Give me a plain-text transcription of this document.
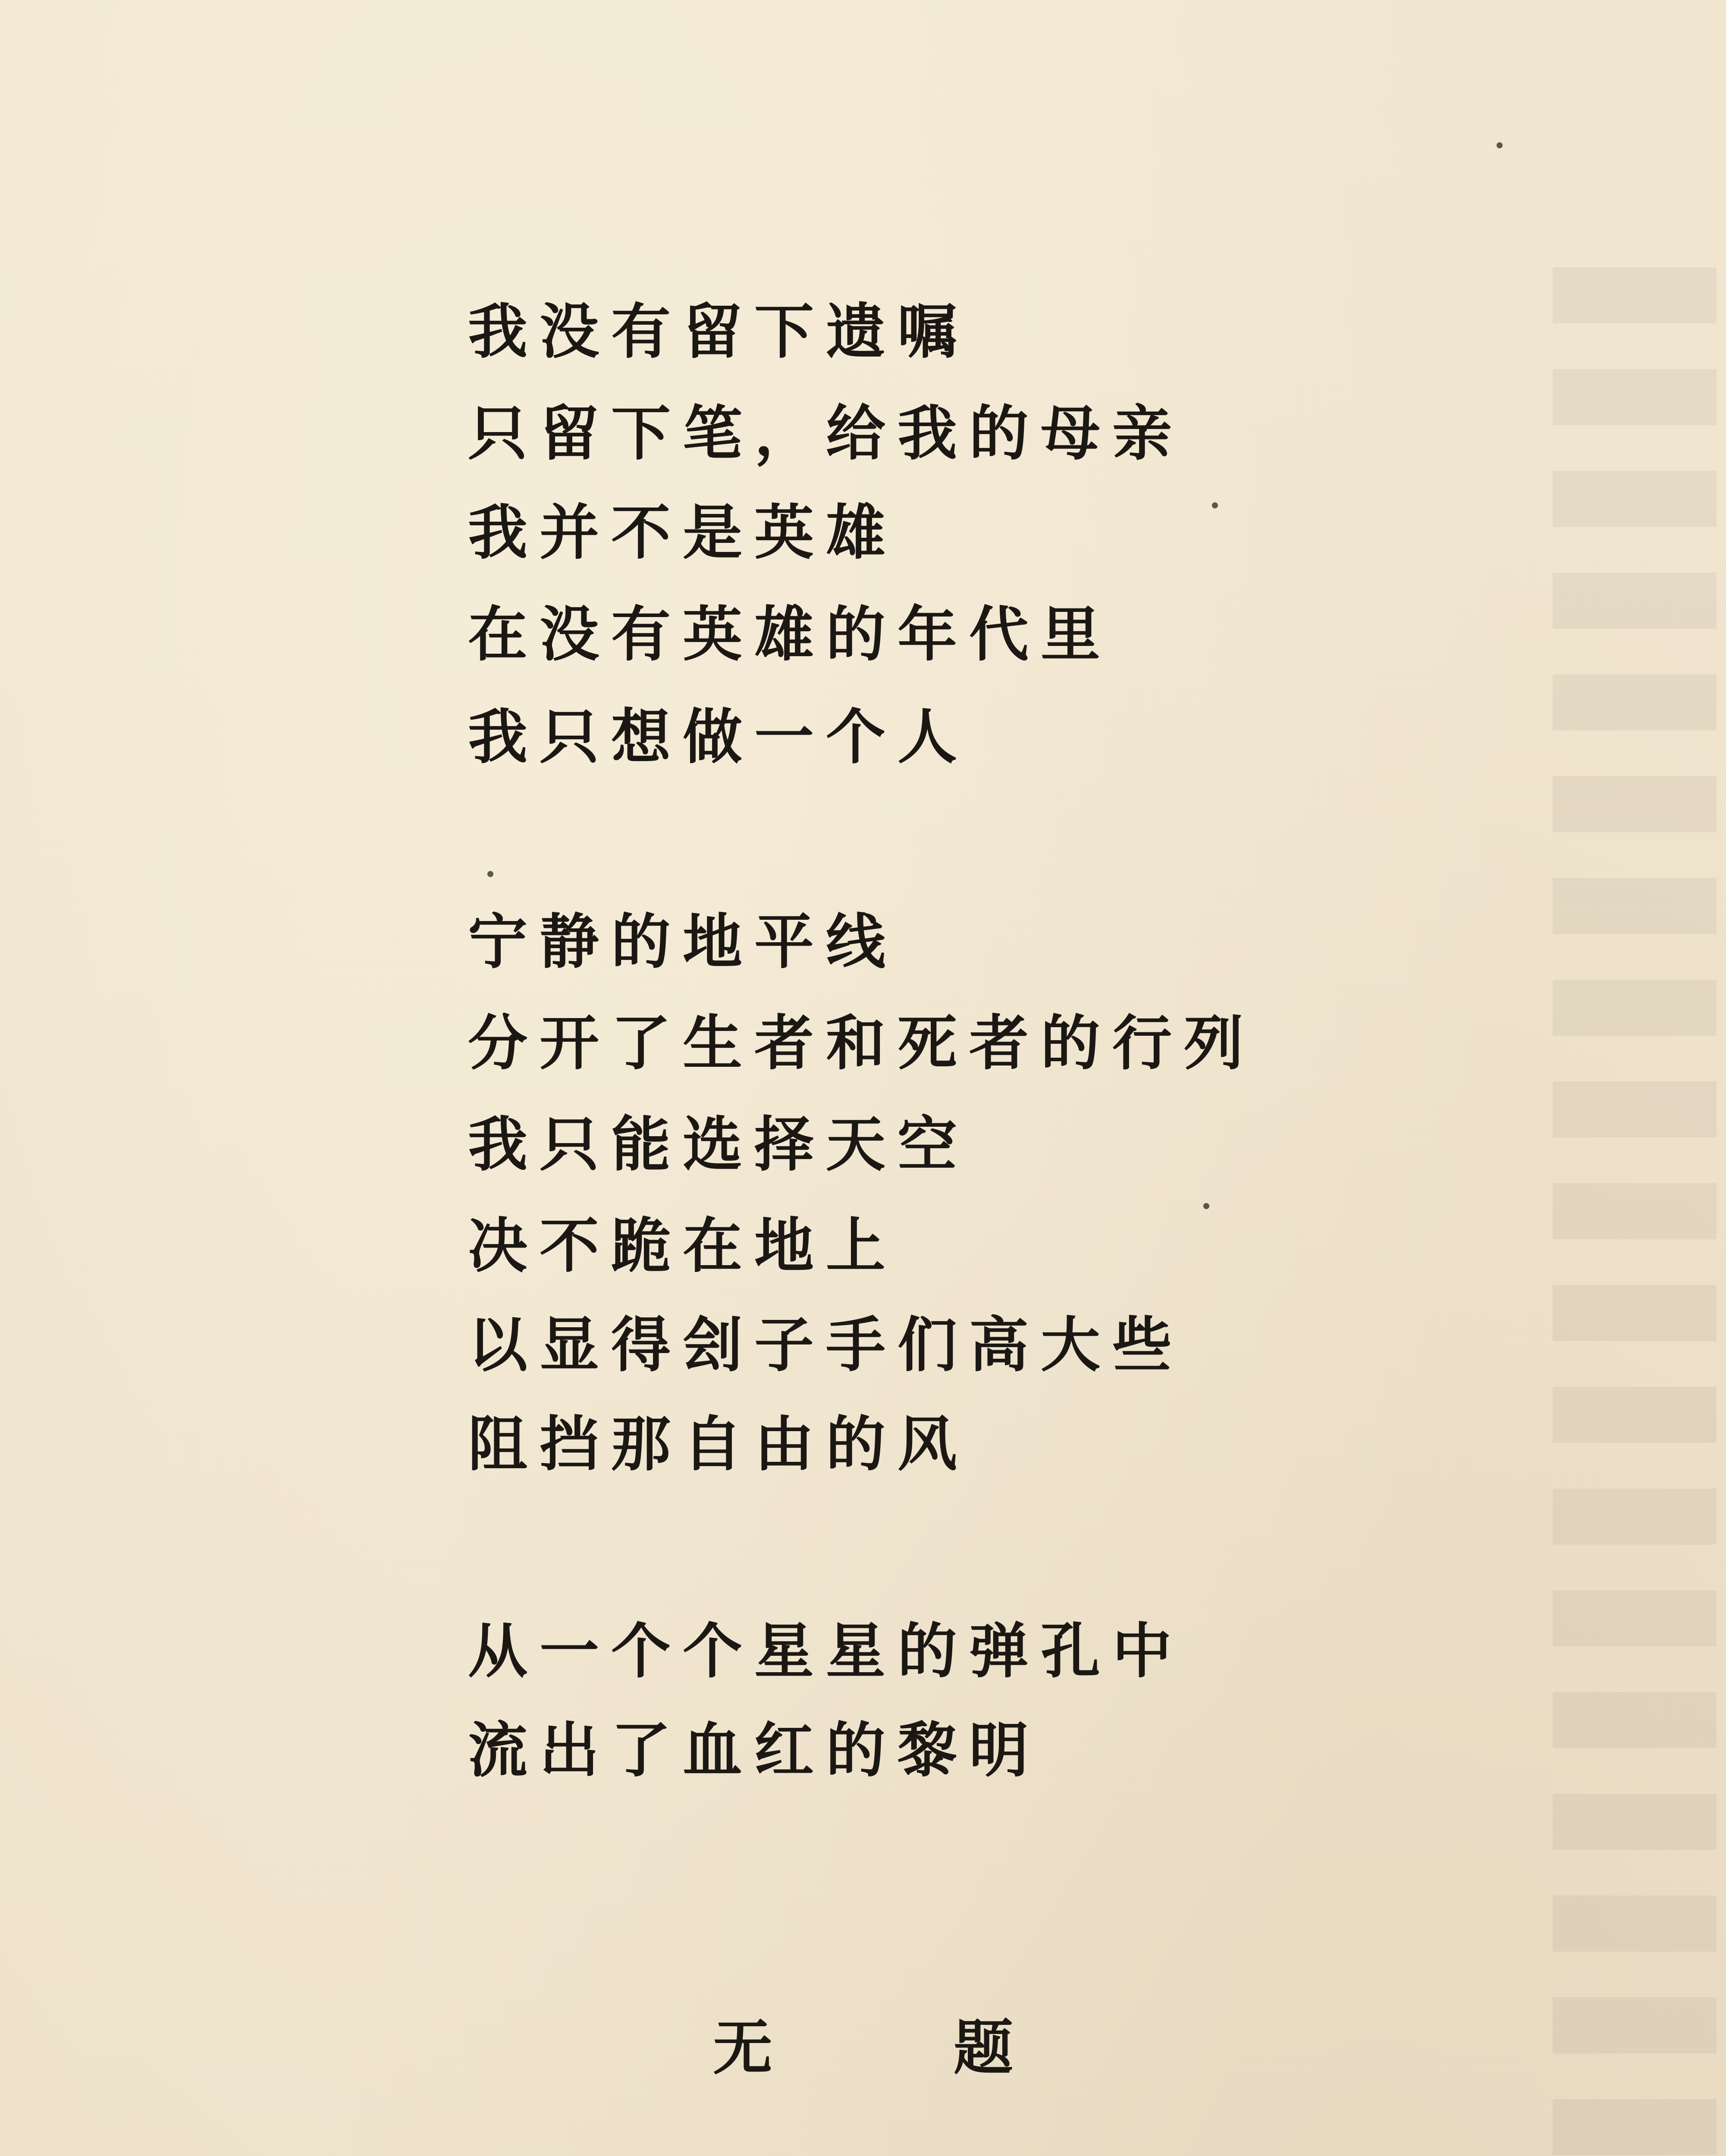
我没有留下遗嘱

只留下笔，给我的母亲

我并不是英雄

在没有英雄的年代里

我只想做一个人

宁静的地平线

分开了生者和死者的行列

我只能选择天空

决不跪在地上

以显得刽子手们高大些

阻挡那自由的风

从一个个星星的弹孔中

流出了血红的黎明

无题
